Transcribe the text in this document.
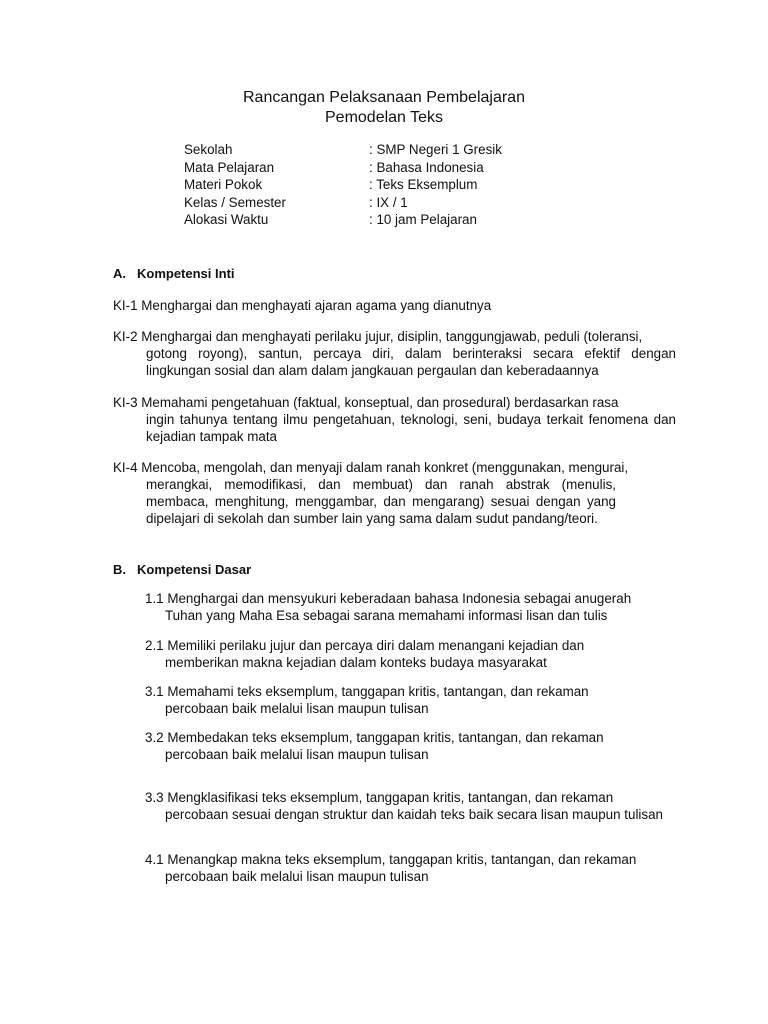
Rancangan Pelaksanaan Pembelajaran
Pemodelan Teks
Sekolah	: SMP Negeri 1 Gresik
Mata Pelajaran	: Bahasa Indonesia
Materi Pokok	: Teks Eksemplum
Kelas / Semester	: IX / 1
Alokasi Waktu	: 10 jam Pelajaran
A. Kompetensi Inti
KI-1 Menghargai dan menghayati ajaran agama yang dianutnya
KI-2 Menghargai dan menghayati perilaku jujur, disiplin, tanggungjawab, peduli (toleransi,
gotong royong), santun, percaya diri, dalam berinteraksi secara efektif dengan lingkungan sosial dan alam dalam jangkauan pergaulan dan keberadaannya
KI-3 Memahami pengetahuan (faktual, konseptual, dan prosedural) berdasarkan rasa
ingin tahunya tentang ilmu pengetahuan, teknologi, seni, budaya terkait fenomena dan kejadian tampak mata
KI-4 Mencoba, mengolah, dan menyaji dalam ranah konkret (menggunakan, mengurai,
merangkai, memodifikasi, dan membuat) dan ranah abstrak (menulis, membaca, menghitung, menggambar, dan mengarang) sesuai dengan yang dipelajari di sekolah dan sumber lain yang sama dalam sudut pandang/teori.
B. Kompetensi Dasar
1.1 Menghargai dan mensyukuri keberadaan bahasa Indonesia sebagai anugerah
Tuhan yang Maha Esa sebagai sarana memahami informasi lisan dan tulis
2.1 Memiliki perilaku jujur dan percaya diri dalam menangani kejadian dan
memberikan makna kejadian dalam konteks budaya masyarakat
3.1 Memahami teks eksemplum, tanggapan kritis, tantangan, dan rekaman
percobaan baik melalui lisan maupun tulisan
3.2 Membedakan teks eksemplum, tanggapan kritis, tantangan, dan rekaman
percobaan baik melalui lisan maupun tulisan
3.3 Mengklasifikasi teks eksemplum, tanggapan kritis, tantangan, dan rekaman
percobaan sesuai dengan struktur dan kaidah teks baik secara lisan maupun tulisan
4.1 Menangkap makna teks eksemplum, tanggapan kritis, tantangan, dan rekaman
percobaan baik melalui lisan maupun tulisan
